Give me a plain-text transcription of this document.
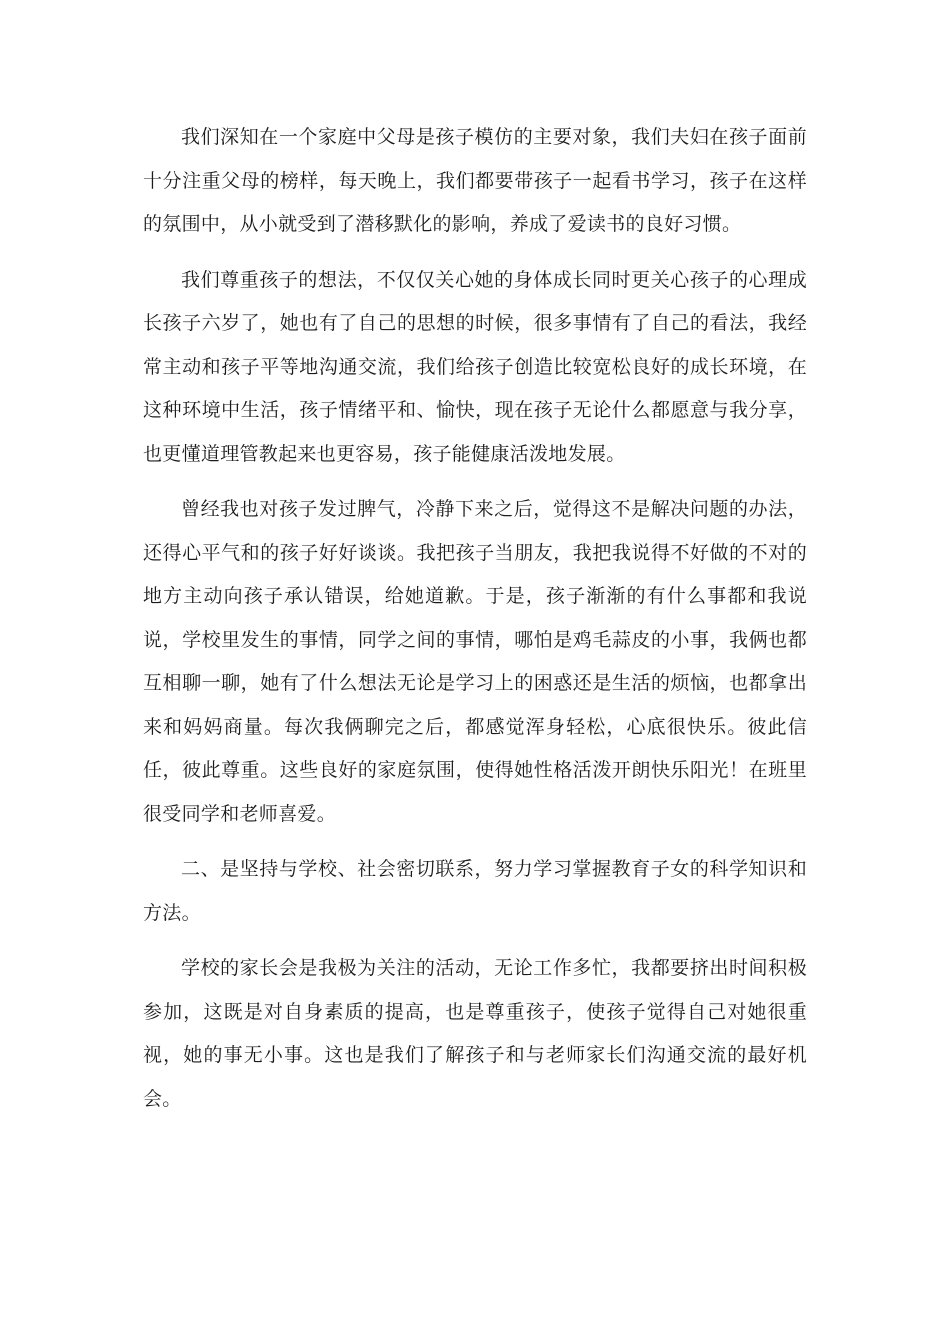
我们深知在一个家庭中父母是孩子模仿的主要对象，我们夫妇在孩子面前十分注重父母的榜样，每天晚上，我们都要带孩子一起看书学习，孩子在这样的氛围中，从小就受到了潜移默化的影响，养成了爱读书的良好习惯。

我们尊重孩子的想法，不仅仅关心她的身体成长同时更关心孩子的心理成长孩子六岁了，她也有了自己的思想的时候，很多事情有了自己的看法，我经常主动和孩子平等地沟通交流，我们给孩子创造比较宽松良好的成长环境，在这种环境中生活，孩子情绪平和、愉快，现在孩子无论什么都愿意与我分享，也更懂道理管教起来也更容易，孩子能健康活泼地发展。

曾经我也对孩子发过脾气，冷静下来之后，觉得这不是解决问题的办法，还得心平气和的孩子好好谈谈。我把孩子当朋友，我把我说得不好做的不对的地方主动向孩子承认错误，给她道歉。于是，孩子渐渐的有什么事都和我说说，学校里发生的事情，同学之间的事情，哪怕是鸡毛蒜皮的小事，我俩也都互相聊一聊，她有了什么想法无论是学习上的困惑还是生活的烦恼，也都拿出来和妈妈商量。每次我俩聊完之后，都感觉浑身轻松，心底很快乐。彼此信任，彼此尊重。这些良好的家庭氛围，使得她性格活泼开朗快乐阳光！在班里很受同学和老师喜爱。

二、是坚持与学校、社会密切联系，努力学习掌握教育子女的科学知识和方法。

学校的家长会是我极为关注的活动，无论工作多忙，我都要挤出时间积极参加，这既是对自身素质的提高，也是尊重孩子，使孩子觉得自己对她很重视，她的事无小事。这也是我们了解孩子和与老师家长们沟通交流的最好机会。
